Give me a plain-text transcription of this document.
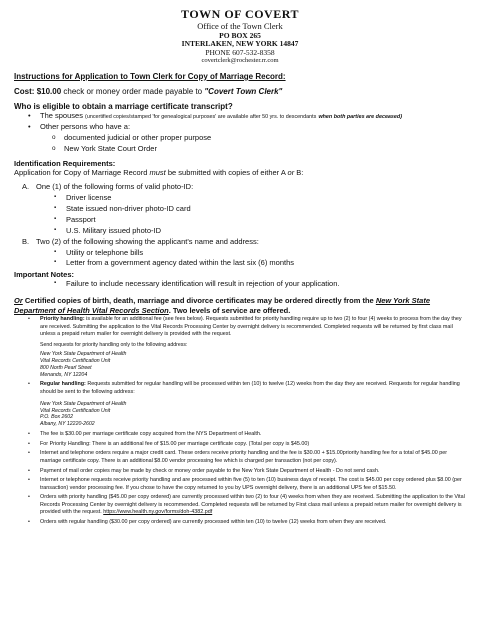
TOWN OF COVERT
Office of the Town Clerk
PO BOX 265
INTERLAKEN, NEW YORK 14847
PHONE 607-532-8358
covertclerk@rochester.rr.com
Instructions for Application to Town Clerk for Copy of Marriage Record:
Cost: $10.00 check or money order made payable to "Covert Town Clerk"
Who is eligible to obtain a marriage certificate transcript?
• The spouses (uncertified copies/stamped 'for genealogical purposes' are available after 50 yrs. to descendants when both parties are deceased)
• Other persons who have a:
o documented judicial or other proper purpose
o New York State Court Order
Identification Requirements:
Application for Copy of Marriage Record must be submitted with copies of either A or B:
A. One (1) of the following forms of valid photo-ID:
▪ Driver license
▪ State issued non-driver photo-ID card
▪ Passport
▪ U.S. Military issued photo-ID
B. Two (2) of the following showing the applicant's name and address:
▪ Utility or telephone bills
▪ Letter from a government agency dated within the last six (6) months
Important Notes:
▪ Failure to include necessary identification will result in rejection of your application.
Or Certified copies of birth, death, marriage and divorce certificates may be ordered directly from the New York State Department of Health Vital Records Section. Two levels of service are offered.
• Priority handling: is available for an additional fee (see fees below). Requests submitted for priority handling require up to two (2) to four (4) weeks to process from the day they are received. Submitting the application to the Vital Records Processing Center by overnight delivery is recommended. Completed requests will be returned by first class mail unless a prepaid return mailer for overnight delivery is provided with the request.
Send requests for priority handling only to the following address:
New York State Department of Health
Vital Records Certification Unit
800 North Pearl Street
Menands, NY 12204
• Regular handling: Requests submitted for regular handling will be processed within ten (10) to twelve (12) weeks from the day they are received. Requests for regular handling should be sent to the following address:
New York State Department of Health
Vital Records Certification Unit
P.O. Box 2602
Albany, NY 12220-2602
• The fee is $30.00 per marriage certificate copy acquired from the NYS Department of Health.
• For Priority Handling: There is an additional fee of $15.00 per marriage certificate copy. (Total per copy is $45.00)
• Internet and telephone orders require a major credit card. These orders receive priority handling and the fee is $30.00 + $15.00priority handling fee for a total of $45.00 per marriage certificate copy. There is an additional $8.00 vendor processing fee which is charged per transaction (not per copy).
• Payment of mail order copies may be made by check or money order payable to the New York State Department of Health - Do not send cash.
• Internet or telephone requests receive priority handling and are processed within five (5) to ten (10) business days of receipt. The cost is $45.00 per copy ordered plus $8.00 (per transaction) vendor processing fee. If you chose to have the copy returned to you by UPS overnight delivery, there is an additional UPS fee of $15.50.
• Orders with priority handling ($45.00 per copy ordered) are currently processed within two (2) to four (4) weeks from when they are received. Submitting the application to the Vital Records Processing Center by overnight delivery is recommended. Completed requests will be returned by First class mail unless a prepaid return mailer for overnight delivery is provided with the request. https://www.health.ny.gov/forms/doh-4382.pdf
• Orders with regular handling ($30.00 per copy ordered) are currently processed within ten (10) to twelve (12) weeks from when they are received.
